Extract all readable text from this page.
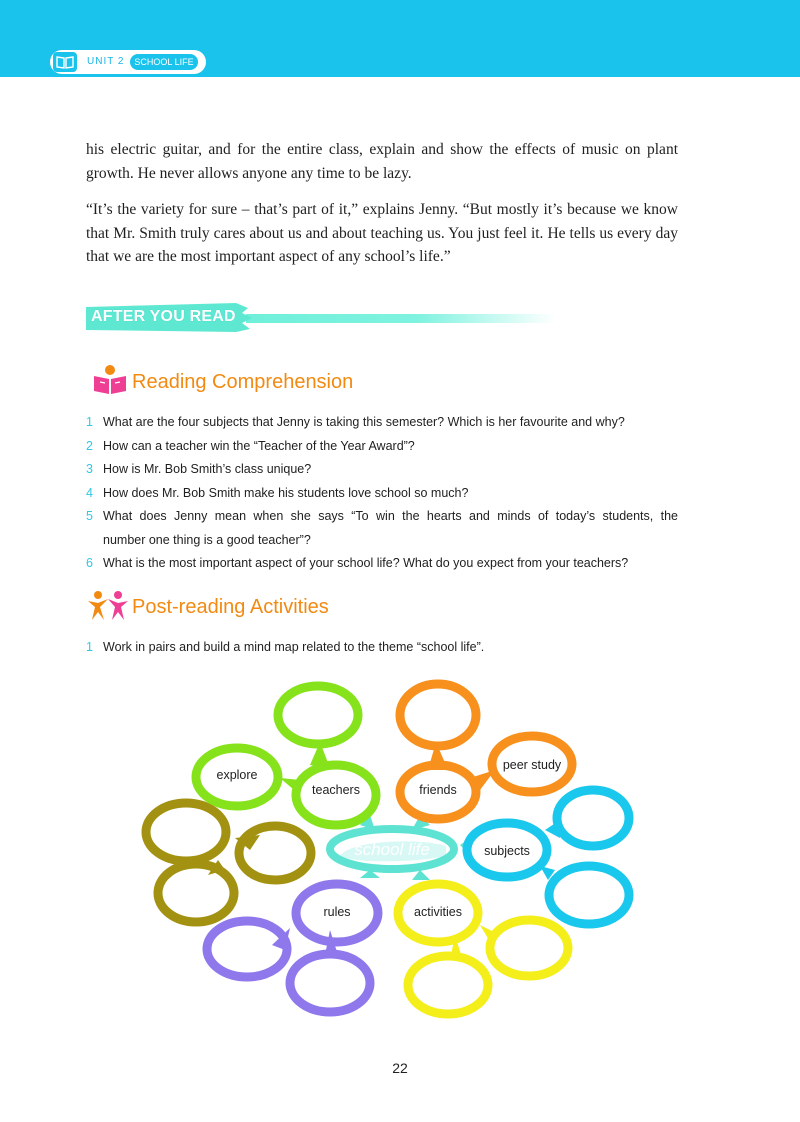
UNIT 2	SCHOOL LIFE

his electric guitar, and for the entire class, explain and show the effects of music on plant growth. He never allows anyone any time to be lazy.

“It’s the variety for sure – that’s part of it,” explains Jenny. “But mostly it’s because we know that Mr. Smith truly cares about us and about teaching us. You just feel it. He tells us every day that we are the most important aspect of any school’s life.”

AFTER YOU READ
Reading Comprehension
1 What are the four subjects that Jenny is taking this semester? Which is her favourite and why?
2 How can a teacher win the “Teacher of the Year Award”?
3 How is Mr. Bob Smith’s class unique?
4 How does Mr. Bob Smith make his students love school so much?
5 What does Jenny mean when she says “To win the hearts and minds of today’s students, the
number one thing is a good teacher”?
6 What is the most important aspect of your school life? What do you expect from your teachers?
Post-reading Activities
1 Work in pairs and build a mind map related to the theme “school life”.
explore
teachers	friends
peer study
subjects
rules	activities
school life
22
